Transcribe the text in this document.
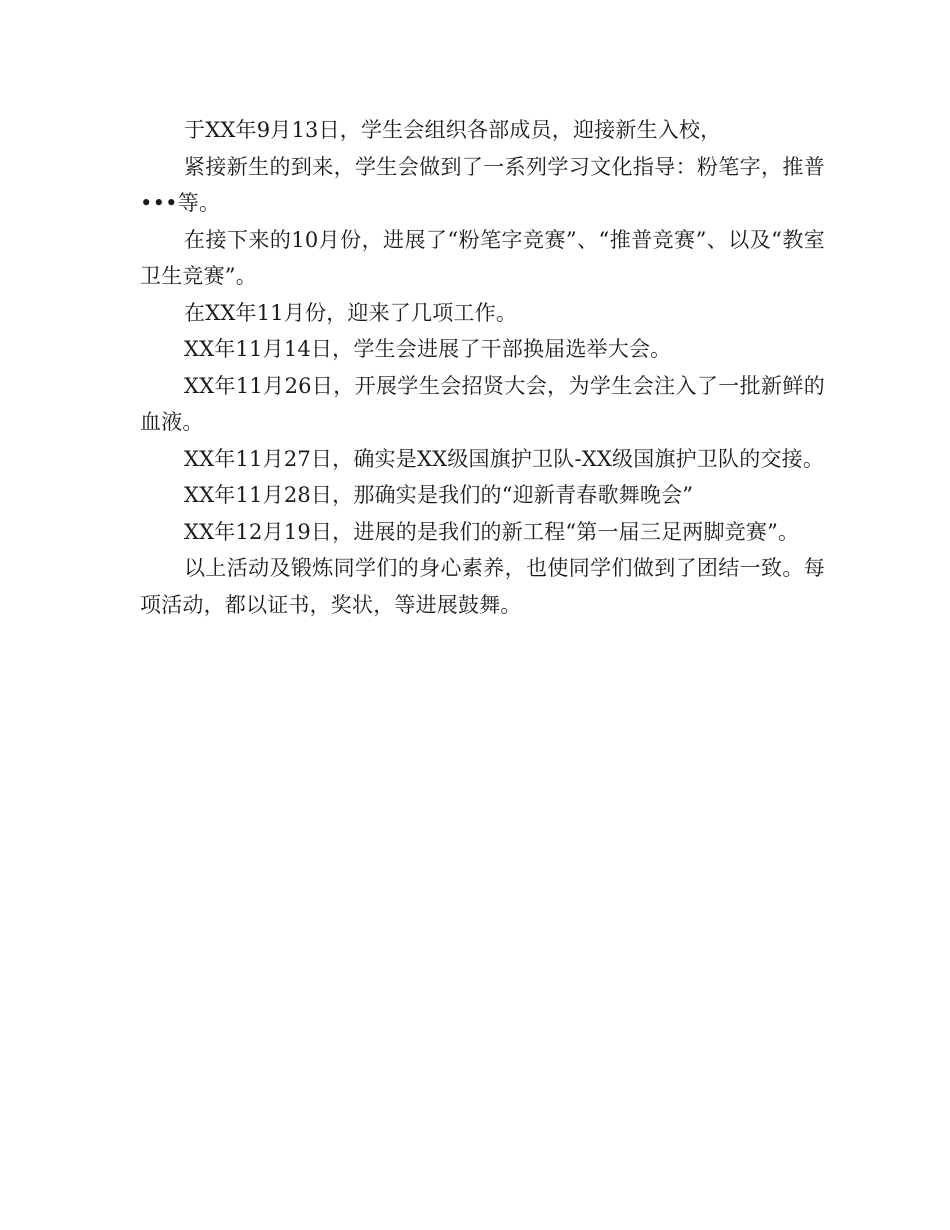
于XX年9月13日，学生会组织各部成员，迎接新生入校，

紧接新生的到来，学生会做到了一系列学习文化指导：粉笔字，推普•••等。

在接下来的10月份，进展了“粉笔字竞赛”、“推普竞赛”、以及“教室卫生竞赛”。

在XX年11月份，迎来了几项工作。

XX年11月14日，学生会进展了干部换届选举大会。

XX年11月26日，开展学生会招贤大会，为学生会注入了一批新鲜的血液。

XX年11月27日，确实是XX级国旗护卫队-XX级国旗护卫队的交接。

XX年11月28日，那确实是我们的“迎新青春歌舞晚会”

XX年12月19日，进展的是我们的新工程“第一届三足两脚竞赛”。

以上活动及锻炼同学们的身心素养，也使同学们做到了团结一致。每项活动，都以证书，奖状，等进展鼓舞。
